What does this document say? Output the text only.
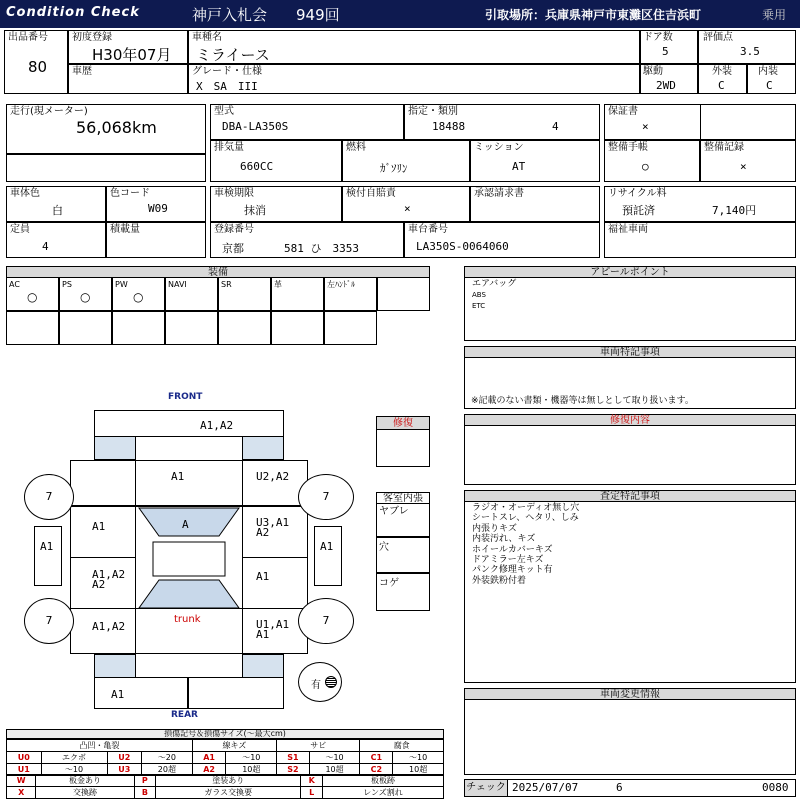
Condition Check	神戸入札会 949回	引取場所：兵庫県神戸市東灘区住吉浜町	乗用
出品番号
80
初度登録
H30年07月
車種名
ミライース
ドア数
5
評価点
3.5
車歴	グレード・仕様
X　SA　III
駆動
2WD
外装
C
内装
C
走行(現メーター)
56,068km
型式
DBA-LA350S
指定・類別
18488	4
保証書
×
排気量
660CC
燃料
ｶﾞｿﾘﾝ
ミッション
AT
整備手帳
○
整備記録
×
車体色
白
色コード
W09
定員
4
積載量
車検期限
抹消
検付自賠責
×
承認請求書
登録番号
京都	581 ひ　3353
車台番号
LA350S-0064060
リサイクル料
預託済	7,140円
福祉車両
装備
AC
○
PS
○
PW
○
NAVI	SR	革	左ﾊﾝﾄﾞﾙ
アピールポイント
エアバッグ
ABS
ETC
車両特記事項
※記載のない書類・機器等は無しとして取り扱います。
修復内容
査定特記事項
ラジオ・オーディオ無し穴
シートスレ、ヘタリ、しみ
内張りキズ
内装汚れ、キズ
ホイールカバーキズ
ドアミラー左キズ
パンク修理キット有
外装鉄粉付着
車両変更情報
チェック 2025/07/07	6	0080
FRONT
REAR
A1,A2
A1	U2,A2
A1	A	U3,A1
A2
A1,A2
A2
A1
A1,A2
trunk	U1,A1
A1
A1
A1	A1
7	7
7	7
有
修復
客室内張
ヤブレ
穴
コゲ
損傷記号＆損傷サイズ(〜最大cm)
凸凹・亀裂				線キズ		サビ		腐食	
U0	エクボ	U2	〜20	A1	〜10	S1	〜10	C1	〜10
U1	〜10	U3	20超	A2	10超	S2	10超	C2	10超
W	板金あり	P	塗装あり	K	板板跡
X	交換跡	B	ガラス交換要	L	レンズ割れ
